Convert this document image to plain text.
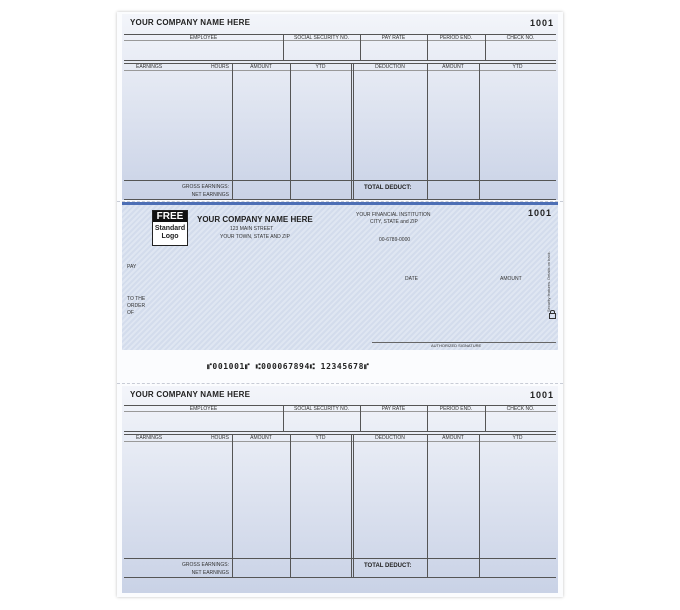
YOUR COMPANY NAME HERE	1001
EMPLOYEE	SOCIAL SECURITY NO.	PAY RATE	PERIOD END.	CHECK NO.
EARNINGS	HOURS	AMOUNT	YTD	DEDUCTION	AMOUNT	YTD
GROSS EARNINGS:
NET EARNINGS
TOTAL DEDUCT:
FREE
Standard
Logo
YOUR COMPANY NAME HERE
123 MAIN STREET
YOUR TOWN, STATE AND ZIP
YOUR FINANCIAL INSTITUTION
CITY, STATE and ZIP
00-6789-0000
1001
PAY
TO THE
ORDER
OF
DATE	AMOUNT
AUTHORIZED SIGNATURE
Security features. Details on back.
⑈001001⑈ ⑆000067894⑆ 12345678⑈
YOUR COMPANY NAME HERE	1001
EMPLOYEE	SOCIAL SECURITY NO.	PAY RATE	PERIOD END.	CHECK NO.
EARNINGS	HOURS	AMOUNT	YTD	DEDUCTION	AMOUNT	YTD
GROSS EARNINGS:
NET EARNINGS
TOTAL DEDUCT:
